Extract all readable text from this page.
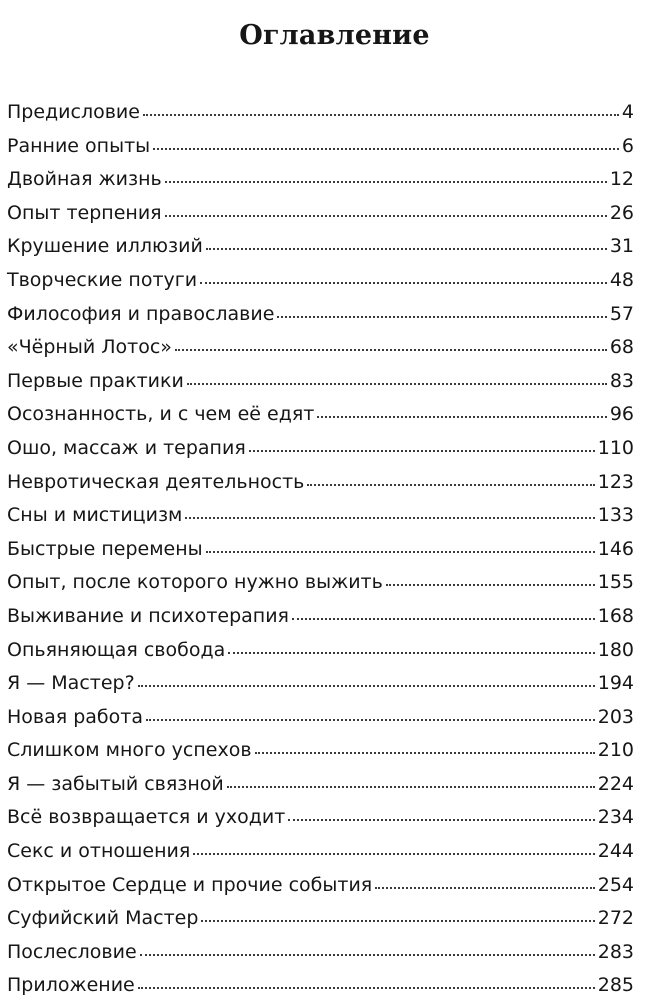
Оглавление
Предисловие	4
Ранние опыты	6
Двойная жизнь	12
Опыт терпения	26
Крушение иллюзий	31
Творческие потуги	48
Философия и православие	57
«Чёрный Лотос»	68
Первые практики	83
Осознанность, и с чем её едят	96
Ошо, массаж и терапия	110
Невротическая деятельность	123
Сны и мистицизм	133
Быстрые перемены	146
Опыт, после которого нужно выжить	155
Выживание и психотерапия	168
Опьяняющая свобода	180
Я — Мастер?	194
Новая работа	203
Слишком много успехов	210
Я — забытый связной	224
Всё возвращается и уходит	234
Секс и отношения	244
Открытое Сердце и прочие события	254
Суфийский Мастер	272
Послесловие	283
Приложение	285
